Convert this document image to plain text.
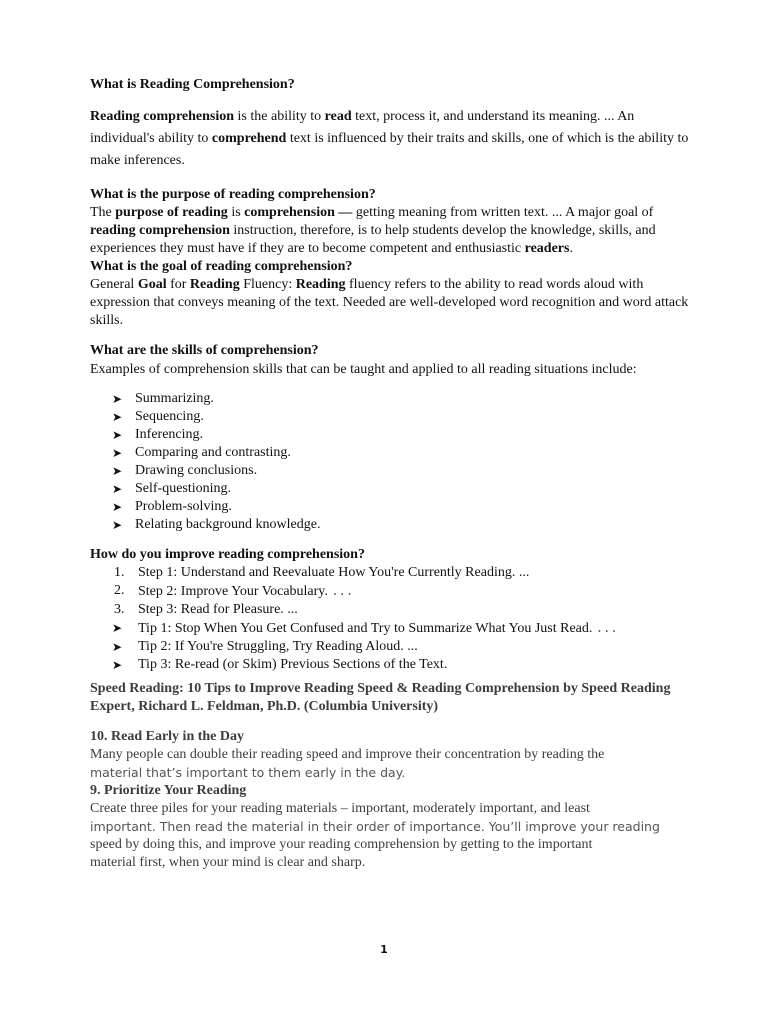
What is Reading Comprehension?

Reading comprehension is the ability to read text, process it, and understand its meaning. ... An individual's ability to comprehend text is influenced by their traits and skills, one of which is the ability to make inferences.

What is the purpose of reading comprehension?

The purpose of reading is comprehension — getting meaning from written text. ... A major goal of reading comprehension instruction, therefore, is to help students develop the knowledge, skills, and experiences they must have if they are to become competent and enthusiastic readers.

What is the goal of reading comprehension?

General Goal for Reading Fluency: Reading fluency refers to the ability to read words aloud with expression that conveys meaning of the text. Needed are well-developed word recognition and word attack skills.

What are the skills of comprehension?

Examples of comprehension skills that can be taught and applied to all reading situations include:

➤ Summarizing.
➤ Sequencing.
➤ Inferencing.
➤ Comparing and contrasting.
➤ Drawing conclusions.
➤ Self-questioning.
➤ Problem-solving.
➤ Relating background knowledge.

How do you improve reading comprehension?

1. Step 1: Understand and Reevaluate How You're Currently Reading. ...
2. Step 2: Improve Your Vocabulary. ...
3. Step 3: Read for Pleasure. ...
➤ Tip 1: Stop When You Get Confused and Try to Summarize What You Just Read. ...
➤ Tip 2: If You're Struggling, Try Reading Aloud. ...
➤ Tip 3: Re-read (or Skim) Previous Sections of the Text.

Speed Reading: 10 Tips to Improve Reading Speed & Reading Comprehension by Speed Reading Expert, Richard L. Feldman, Ph.D. (Columbia University)

10. Read Early in the Day

Many people can double their reading speed and improve their concentration by reading the

material that’s important to them early in the day.

9. Prioritize Your Reading

Create three piles for your reading materials – important, moderately important, and least

important. Then read the material in their order of importance. You’ll improve your reading

speed by doing this, and improve your reading comprehension by getting to the important

material first, when your mind is clear and sharp.

1
